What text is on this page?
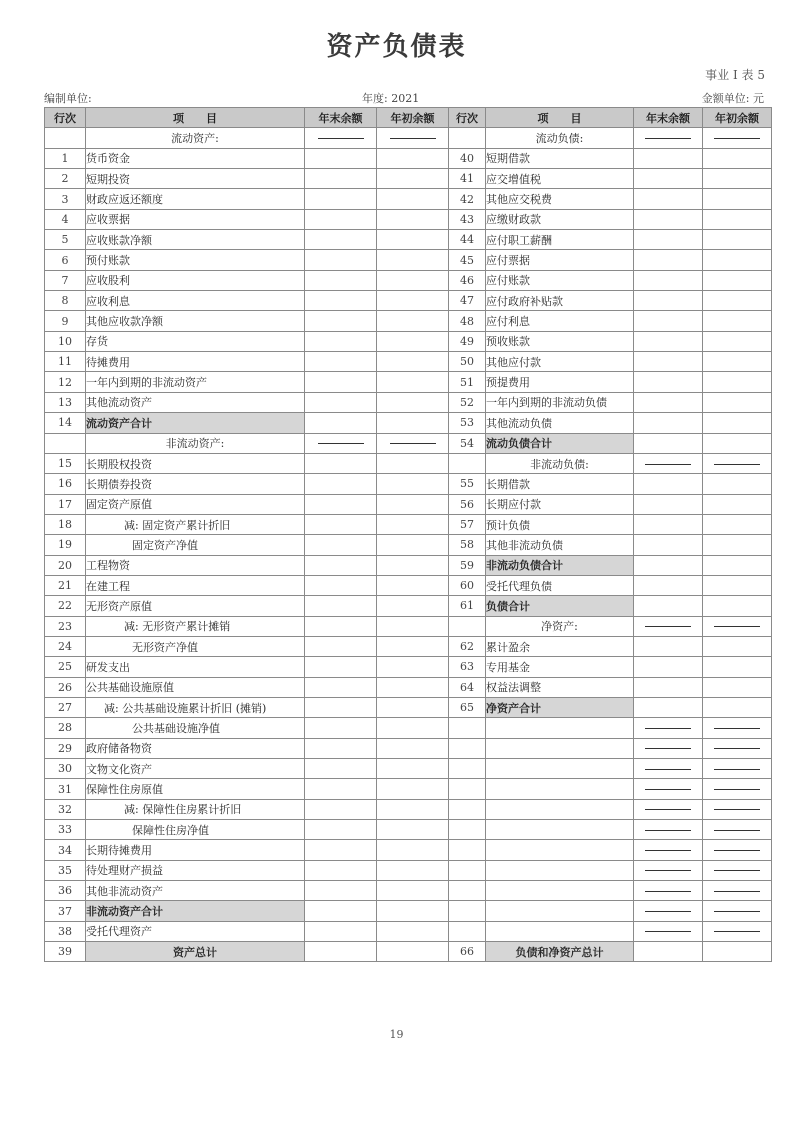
资产负债表
事业 I 表 5
编制单位:	年度: 2021	金额单位: 元
行次	项　　目	年末余额	年初余额	行次	项　　目	年末余额	年初余额
	流动资产:				流动负债:		
1	货币资金			40	短期借款		
2	短期投资			41	应交增值税		
3	财政应返还额度			42	其他应交税费		
4	应收票据			43	应缴财政款		
5	应收账款净额			44	应付职工薪酬		
6	预付账款			45	应付票据		
7	应收股利			46	应付账款		
8	应收利息			47	应付政府补贴款		
9	其他应收款净额			48	应付利息		
10	存货			49	预收账款		
11	待摊费用			50	其他应付款		
12	一年内到期的非流动资产			51	预提费用		
13	其他流动资产			52	一年内到期的非流动负债		
14	流动资产合计			53	其他流动负债		
	非流动资产:			54	流动负债合计		
15	长期股权投资				非流动负债:		
16	长期债券投资			55	长期借款		
17	固定资产原值			56	长期应付款		
18	减: 固定资产累计折旧			57	预计负债		
19	固定资产净值			58	其他非流动负债		
20	工程物资			59	非流动负债合计		
21	在建工程			60	受托代理负债		
22	无形资产原值			61	负债合计		
23	减: 无形资产累计摊销				净资产:		
24	无形资产净值			62	累计盈余		
25	研发支出			63	专用基金		
26	公共基础设施原值			64	权益法调整		
27	减: 公共基础设施累计折旧 (摊销)			65	净资产合计		
28	公共基础设施净值						
29	政府储备物资						
30	文物文化资产						
31	保障性住房原值						
32	减: 保障性住房累计折旧						
33	保障性住房净值						
34	长期待摊费用						
35	待处理财产损益						
36	其他非流动资产						
37	非流动资产合计						
38	受托代理资产						
39	资产总计			66	负债和净资产总计		
19
